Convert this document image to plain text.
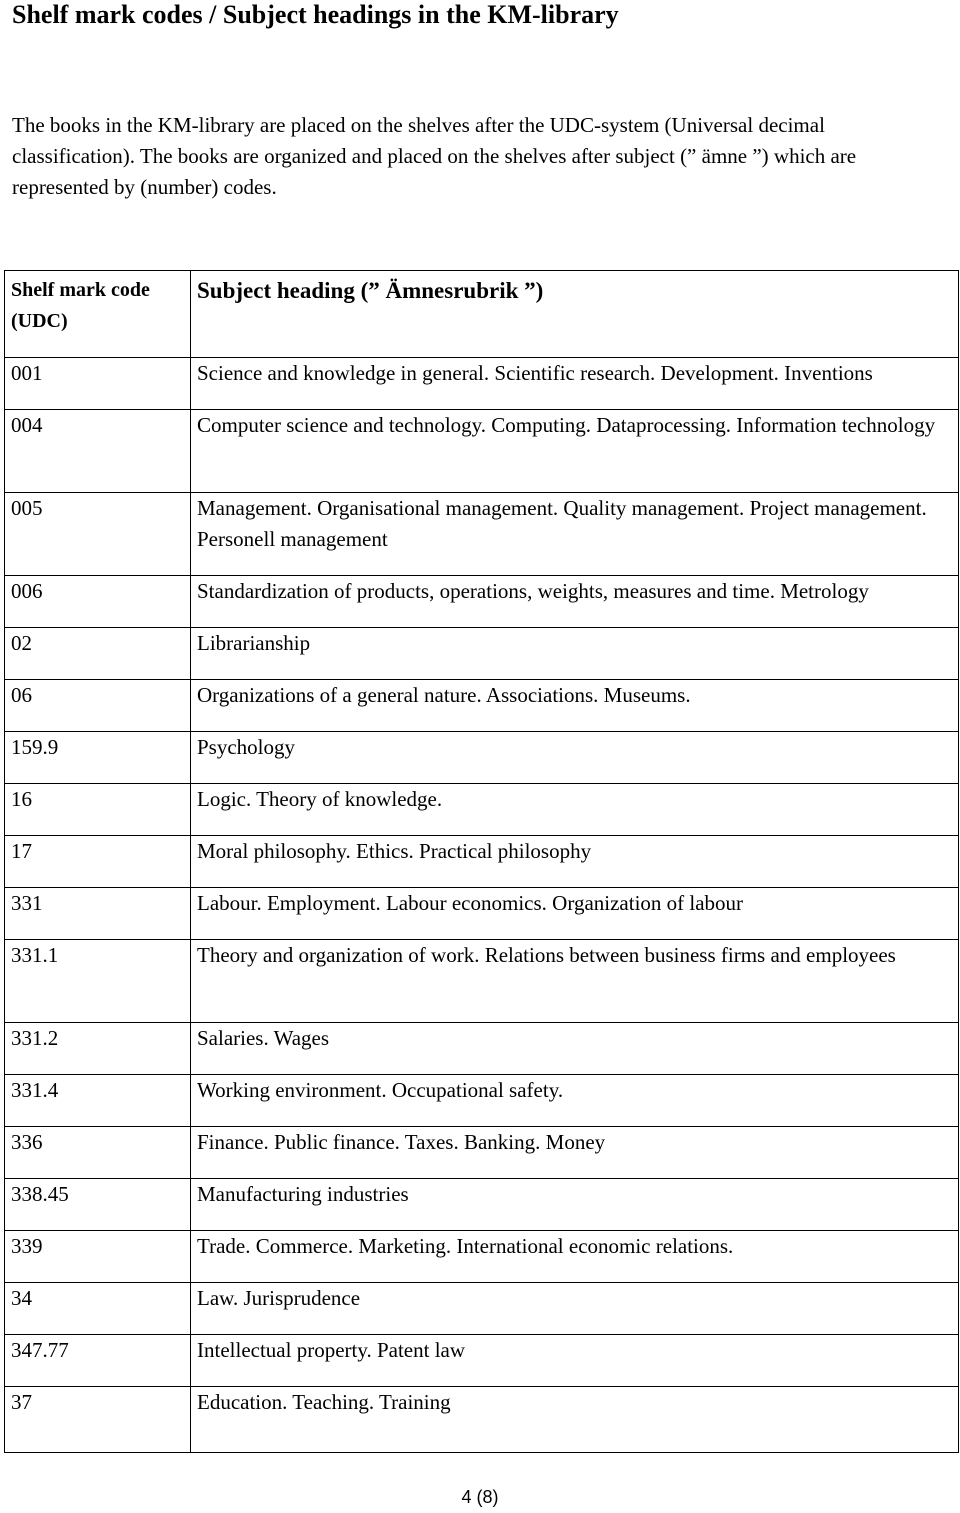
Shelf mark codes / Subject headings in the KM-library

The books in the KM-library are placed on the shelves after the UDC-system (Universal decimal classification). The books are organized and placed on the shelves after subject (” ämne ”) which are represented by (number) codes.

Shelf mark code (UDC)	Subject heading (” Ämnesrubrik ”)
001	Science and knowledge in general. Scientific research. Development. Inventions
004	Computer science and technology. Computing. Dataprocessing. Information technology
005	Management. Organisational management. Quality management. Project management. Personell management
006	Standardization of products, operations, weights, measures and time. Metrology
02	Librarianship
06	Organizations of a general nature. Associations. Museums.
159.9	Psychology
16	Logic. Theory of knowledge.
17	Moral philosophy. Ethics. Practical philosophy
331	Labour. Employment. Labour economics. Organization of labour
331.1	Theory and organization of work. Relations between business firms and employees
331.2	Salaries. Wages
331.4	Working environment. Occupational safety.
336	Finance. Public finance. Taxes. Banking. Money
338.45	Manufacturing industries
339	Trade. Commerce. Marketing. International economic relations.
34	Law. Jurisprudence
347.77	Intellectual property. Patent law
37	Education. Teaching. Training
4 (8)
